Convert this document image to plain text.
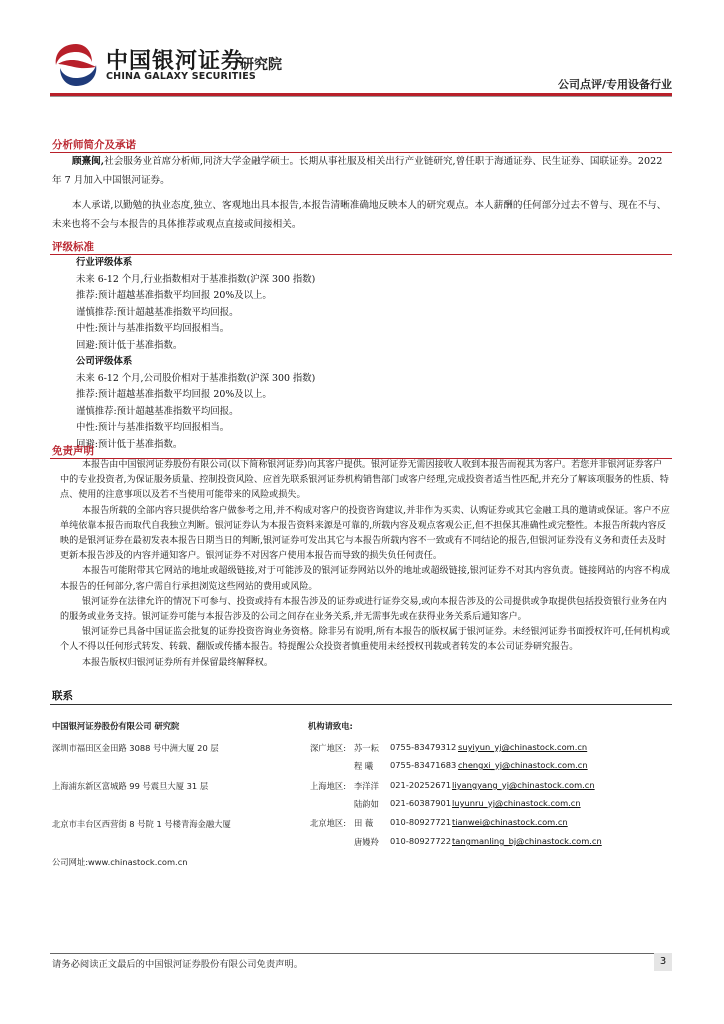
中国银河证券
CHINA GALAXY SECURITIES
研究院
公司点评/专用设备行业
分析师简介及承诺
顾熹闽,社会服务业首席分析师,同济大学金融学硕士。长期从事社服及相关出行产业链研究,曾任职于海通证券、民生证券、国联证券。2022 年 7 月加入中国银河证券。
本人承诺,以勤勉的执业态度,独立、客观地出具本报告,本报告清晰准确地反映本人的研究观点。本人薪酬的任何部分过去不曾与、现在不与、未来也将不会与本报告的具体推荐或观点直接或间接相关。
评级标准
行业评级体系
未来 6-12 个月,行业指数相对于基准指数(沪深 300 指数)
推荐:预计超越基准指数平均回报 20%及以上。
谨慎推荐:预计超越基准指数平均回报。
中性:预计与基准指数平均回报相当。
回避:预计低于基准指数。
公司评级体系
未来 6-12 个月,公司股价相对于基准指数(沪深 300 指数)
推荐:预计超越基准指数平均回报 20%及以上。
谨慎推荐:预计超越基准指数平均回报。
中性:预计与基准指数平均回报相当。
回避:预计低于基准指数。
免责声明

本报告由中国银河证券股份有限公司(以下简称银河证券)向其客户提供。银河证券无需因接收人收到本报告而视其为客户。若您并非银河证券客户中的专业投资者,为保证服务质量、控制投资风险、应首先联系银河证券机构销售部门或客户经理,完成投资者适当性匹配,并充分了解该项服务的性质、特点、使用的注意事项以及若不当使用可能带来的风险或损失。

本报告所载的全部内容只提供给客户做参考之用,并不构成对客户的投资咨询建议,并非作为买卖、认购证券或其它金融工具的邀请或保证。客户不应单纯依靠本报告而取代自我独立判断。银河证券认为本报告资料来源是可靠的,所载内容及观点客观公正,但不担保其准确性或完整性。本报告所载内容反映的是银河证券在最初发表本报告日期当日的判断,银河证券可发出其它与本报告所载内容不一致或有不同结论的报告,但银河证券没有义务和责任去及时更新本报告涉及的内容并通知客户。银河证券不对因客户使用本报告而导致的损失负任何责任。

本报告可能附带其它网站的地址或超级链接,对于可能涉及的银河证券网站以外的地址或超级链接,银河证券不对其内容负责。链接网站的内容不构成本报告的任何部分,客户需自行承担浏览这些网站的费用或风险。

银河证券在法律允许的情况下可参与、投资或持有本报告涉及的证券或进行证券交易,或向本报告涉及的公司提供或争取提供包括投资银行业务在内的服务或业务支持。银河证券可能与本报告涉及的公司之间存在业务关系,并无需事先或在获得业务关系后通知客户。

银河证券已具备中国证监会批复的证券投资咨询业务资格。除非另有说明,所有本报告的版权属于银河证券。未经银河证券书面授权许可,任何机构或个人不得以任何形式转发、转载、翻版或传播本报告。特提醒公众投资者慎重使用未经授权刊载或者转发的本公司证券研究报告。

本报告版权归银河证券所有并保留最终解释权。

联系
中国银河证券股份有限公司 研究院
深圳市福田区金田路 3088 号中洲大厦 20 层
上海浦东新区富城路 99 号震旦大厦 31 层
北京市丰台区西营街 8 号院 1 号楼青海金融大厦
公司网址:www.chinastock.com.cn
机构请致电:
深广地区: 苏一耘 0755-83479312 suyiyun_yj@chinastock.com.cn
程 曦 0755-83471683 chengxi_yj@chinastock.com.cn
上海地区: 李洋洋 021-20252671 liyangyang_yj@chinastock.com.cn
陆韵如 021-60387901 luyunru_yj@chinastock.com.cn
北京地区: 田 薇 010-80927721 tianwei@chinastock.com.cn
唐嫚羚 010-80927722 tangmanling_bj@chinastock.com.cn
请务必阅读正文最后的中国银河证券股份有限公司免责声明。	3
